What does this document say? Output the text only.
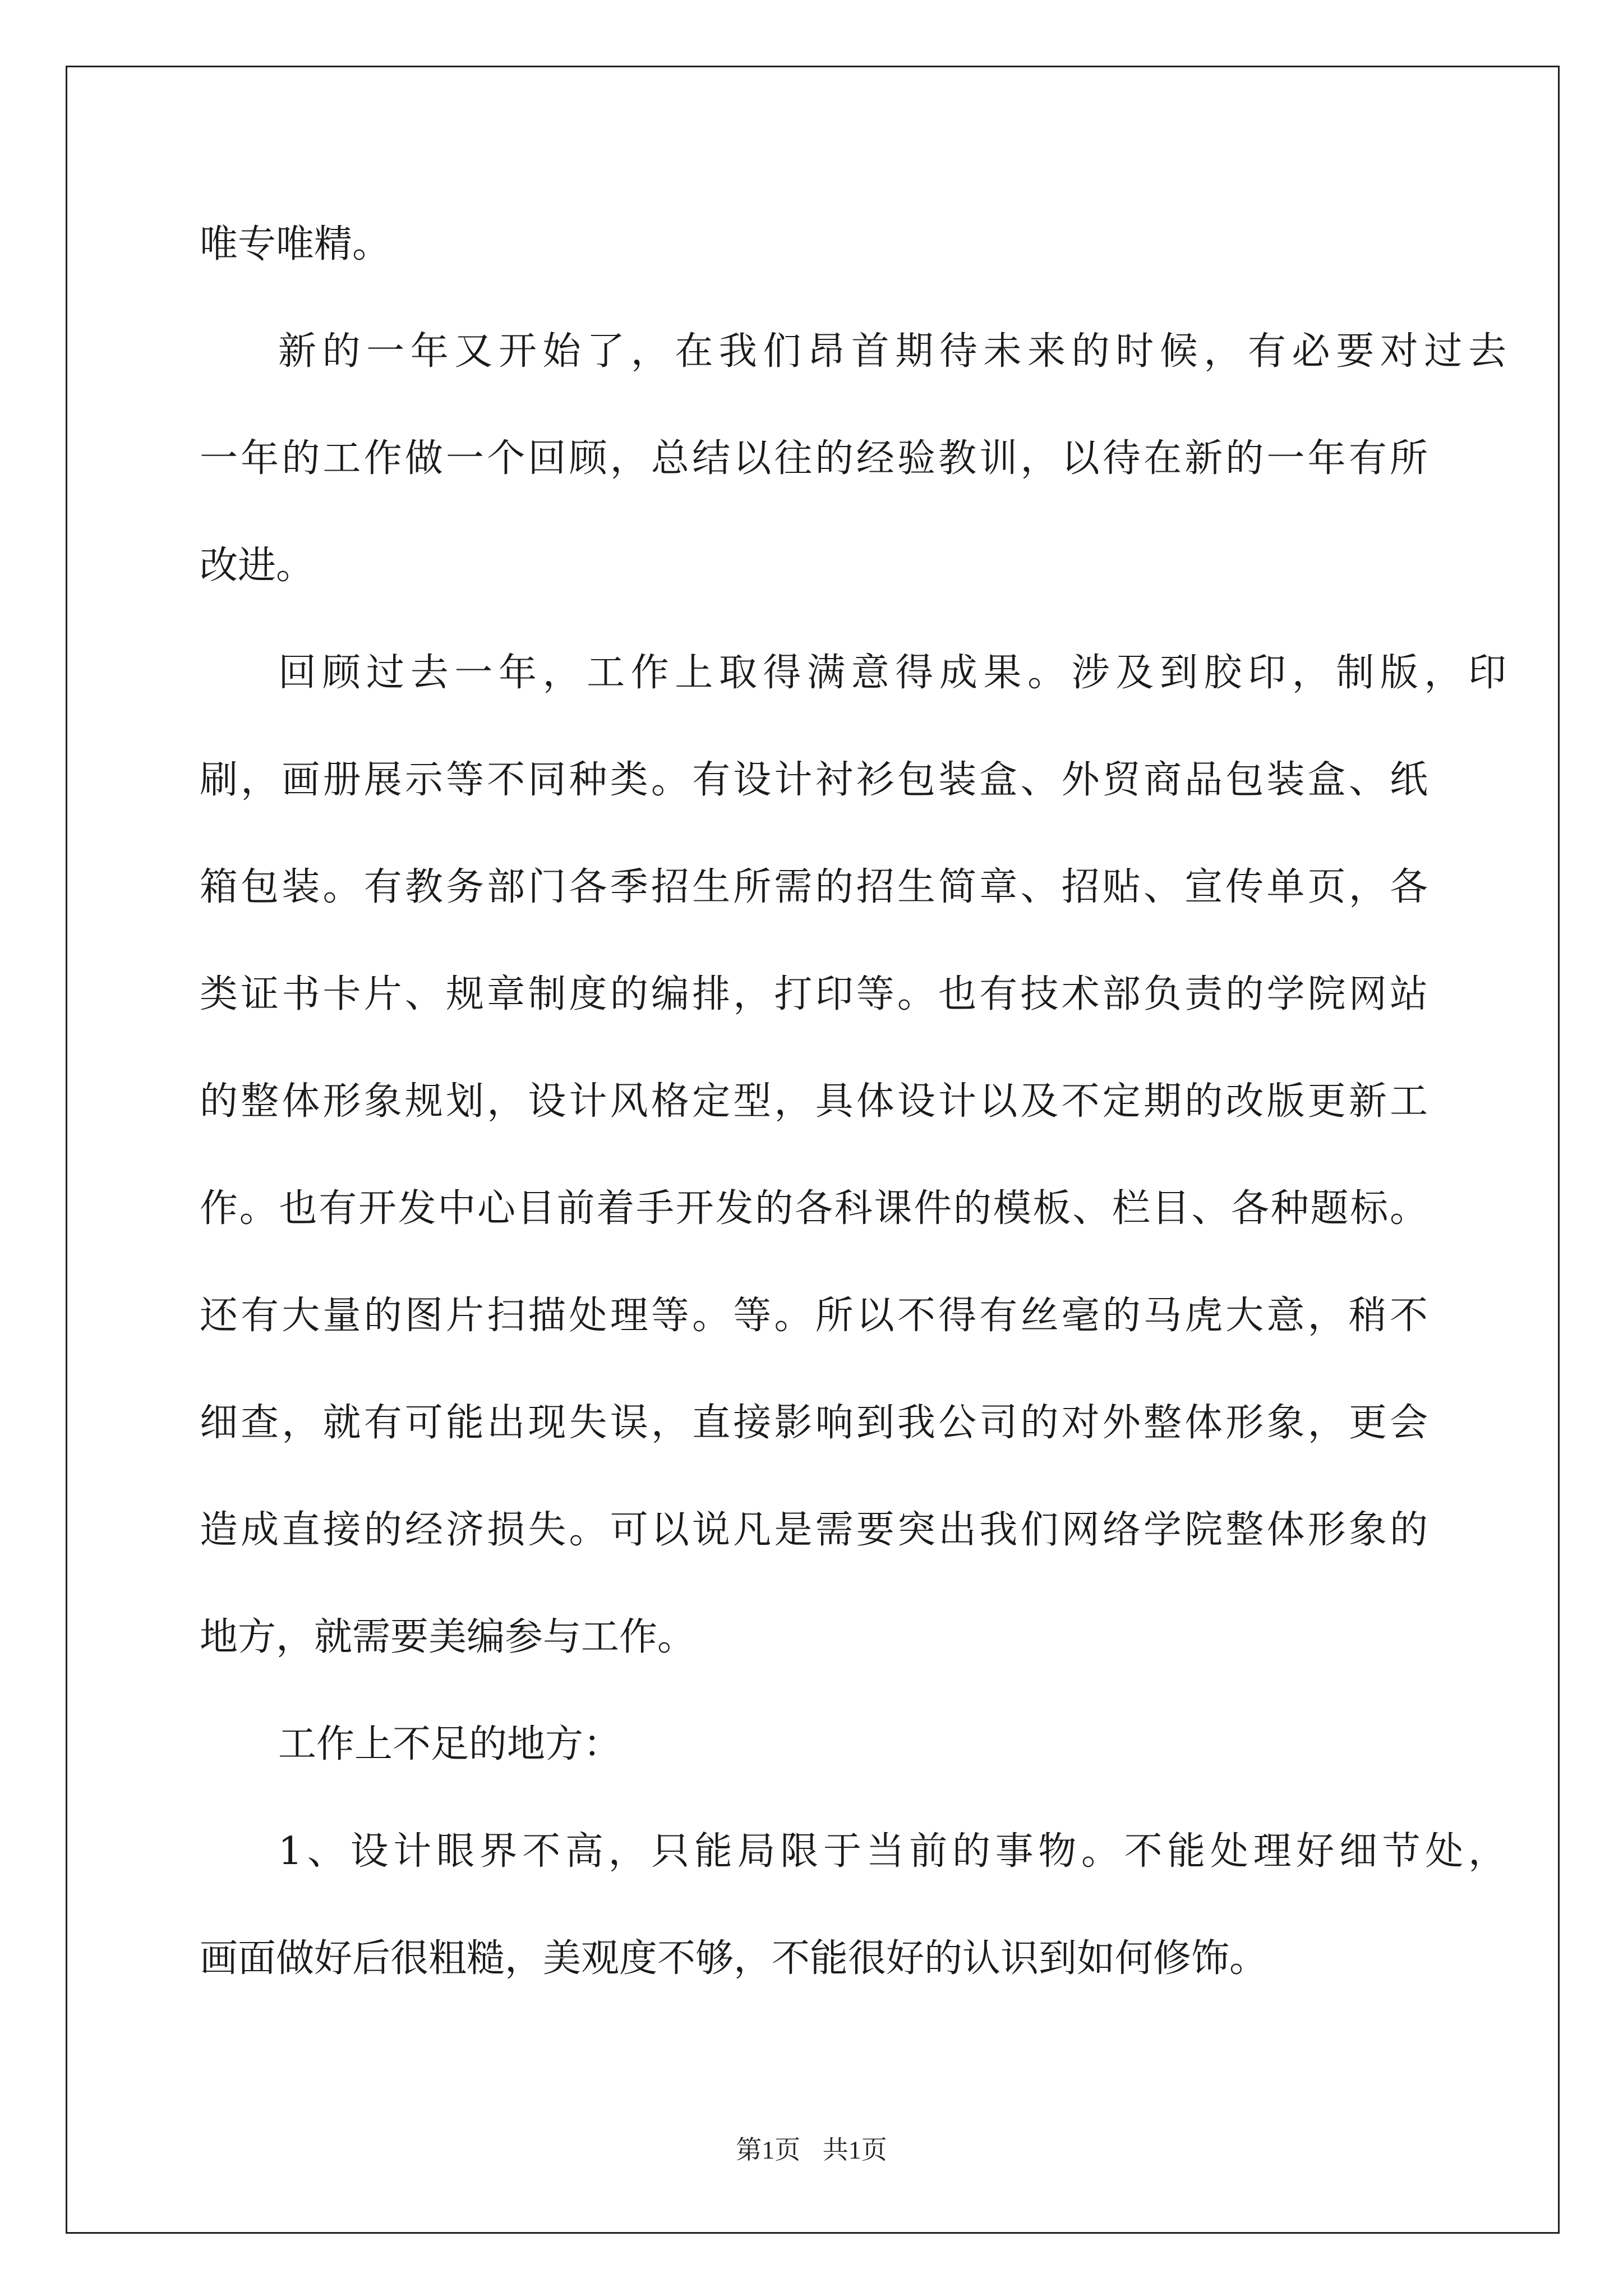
唯专唯精。
新的一年又开始了，在我们昂首期待未来的时候，有必要对过去
一年的工作做一个回顾，总结以往的经验教训，以待在新的一年有所
改进。
回顾过去一年，工作上取得满意得成果。涉及到胶印，制版，印
刷，画册展示等不同种类。有设计衬衫包装盒、外贸商品包装盒、纸
箱包装。有教务部门各季招生所需的招生简章、招贴、宣传单页，各
类证书卡片、规章制度的编排，打印等。也有技术部负责的学院网站
的整体形象规划，设计风格定型，具体设计以及不定期的改版更新工
作。也有开发中心目前着手开发的各科课件的模板、栏目、各种题标。
还有大量的图片扫描处理等。等。所以不得有丝毫的马虎大意，稍不
细查，就有可能出现失误，直接影响到我公司的对外整体形象，更会
造成直接的经济损失。可以说凡是需要突出我们网络学院整体形象的
地方，就需要美编参与工作。
工作上不足的地方：
1、设计眼界不高，只能局限于当前的事物。不能处理好细节处，
画面做好后很粗糙，美观度不够，不能很好的认识到如何修饰。
第1页 共1页
